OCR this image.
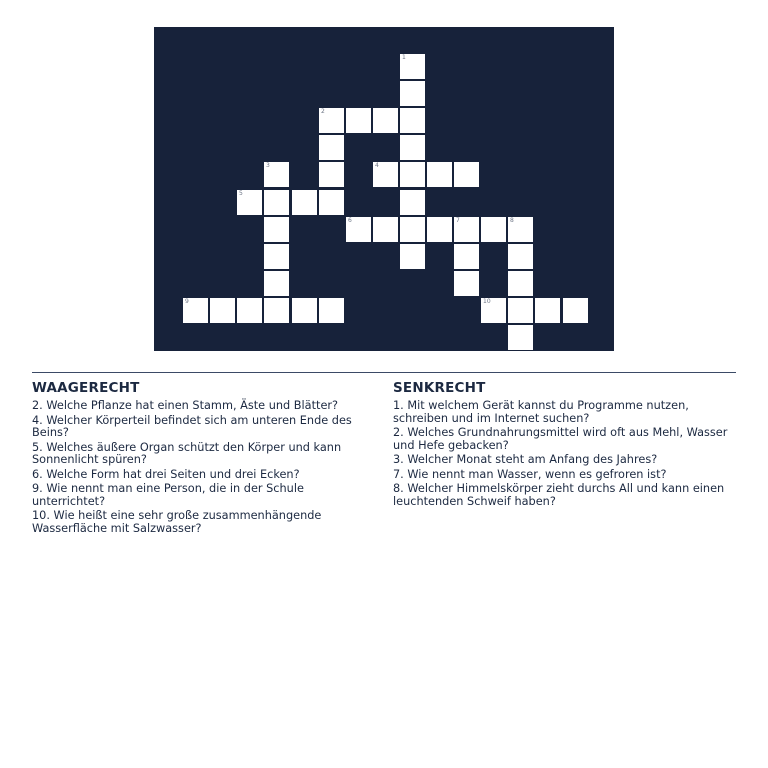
1
2
3	4
5
6	7	8
9	10
WAAGERECHT
2. Welche Pflanze hat einen Stamm, Äste und Blätter?
4. Welcher Körperteil befindet sich am unteren Ende des Beins?
5. Welches äußere Organ schützt den Körper und kann Sonnenlicht spüren?
6. Welche Form hat drei Seiten und drei Ecken?
9. Wie nennt man eine Person, die in der Schule unterrichtet?
10. Wie heißt eine sehr große zusammenhängende Wasserfläche mit Salzwasser?
SENKRECHT
1. Mit welchem Gerät kannst du Programme nutzen, schreiben und im Internet suchen?
2. Welches Grundnahrungsmittel wird oft aus Mehl, Wasser und Hefe gebacken?
3. Welcher Monat steht am Anfang des Jahres?
7. Wie nennt man Wasser, wenn es gefroren ist?
8. Welcher Himmelskörper zieht durchs All und kann einen leuchtenden Schweif haben?
